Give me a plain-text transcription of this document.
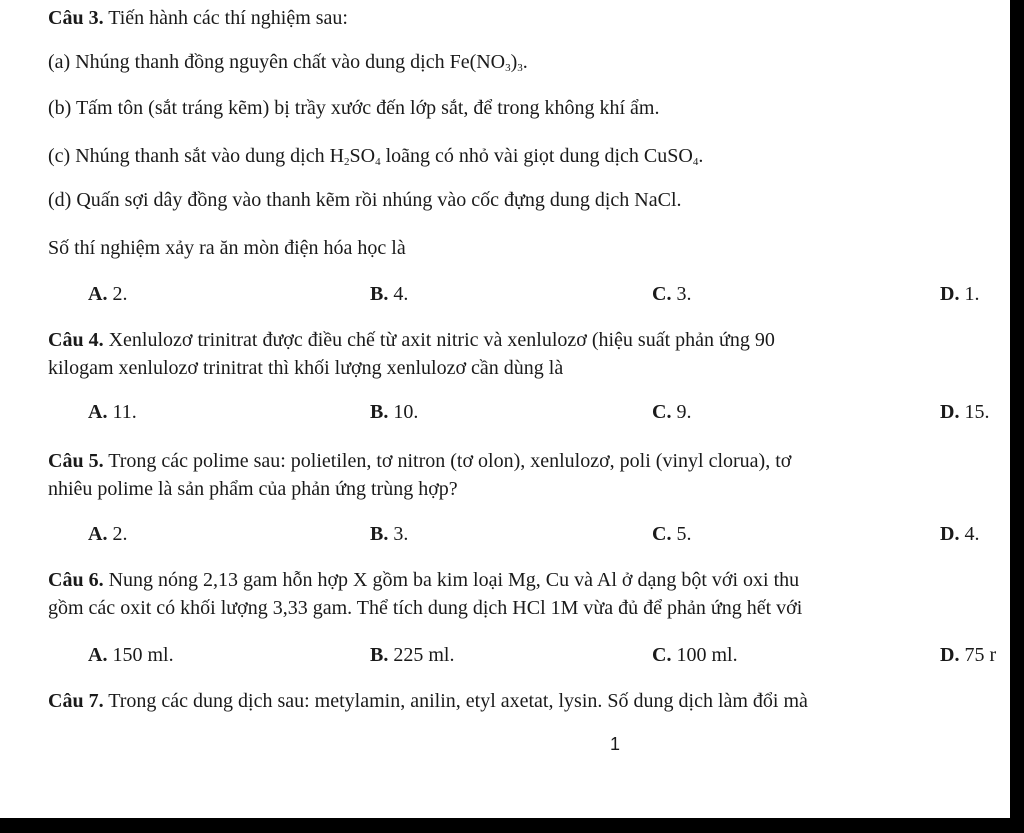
Câu 3. Tiến hành các thí nghiệm sau:
(a) Nhúng thanh đồng nguyên chất vào dung dịch $Fe(NO_3)_3$.
(b) Tấm tôn (sắt tráng kẽm) bị trầy xước đến lớp sắt, để trong không khí ẩm.
(c) Nhúng thanh sắt vào dung dịch $H_2SO_4$ loãng có nhỏ vài giọt dung dịch CuSO$_4$.
(d) Quấn sợi dây đồng vào thanh kẽm rồi nhúng vào cốc đựng dung dịch NaCl.
Số thí nghiệm xảy ra ăn mòn điện hóa học là
A. 2.	B. 4.	C. 3.	D. 1.
Câu 4. Xenlulozơ trinitrat được điều chế từ axit nitric và xenlulozơ (hiệu suất phản ứng 90
kilogam xenlulozơ trinitrat thì khối lượng xenlulozơ cần dùng là
A. 11.	B. 10.	C. 9.	D. 15.
Câu 5. Trong các polime sau: polietilen, tơ nitron (tơ olon), xenlulozơ, poli (vinyl clorua), tơ
nhiêu polime là sản phẩm của phản ứng trùng hợp?
A. 2.	B. 3.	C. 5.	D. 4.
Câu 6. Nung nóng 2,13 gam hỗn hợp X gồm ba kim loại Mg, Cu và Al ở dạng bột với oxi thu
gồm các oxit có khối lượng 3,33 gam. Thể tích dung dịch HCl 1M vừa đủ để phản ứng hết với
A. 150 ml.	B. 225 ml.	C. 100 ml.	D. 75 r
Câu 7. Trong các dung dịch sau: metylamin, anilin, etyl axetat, lysin. Số dung dịch làm đổi mà
1
